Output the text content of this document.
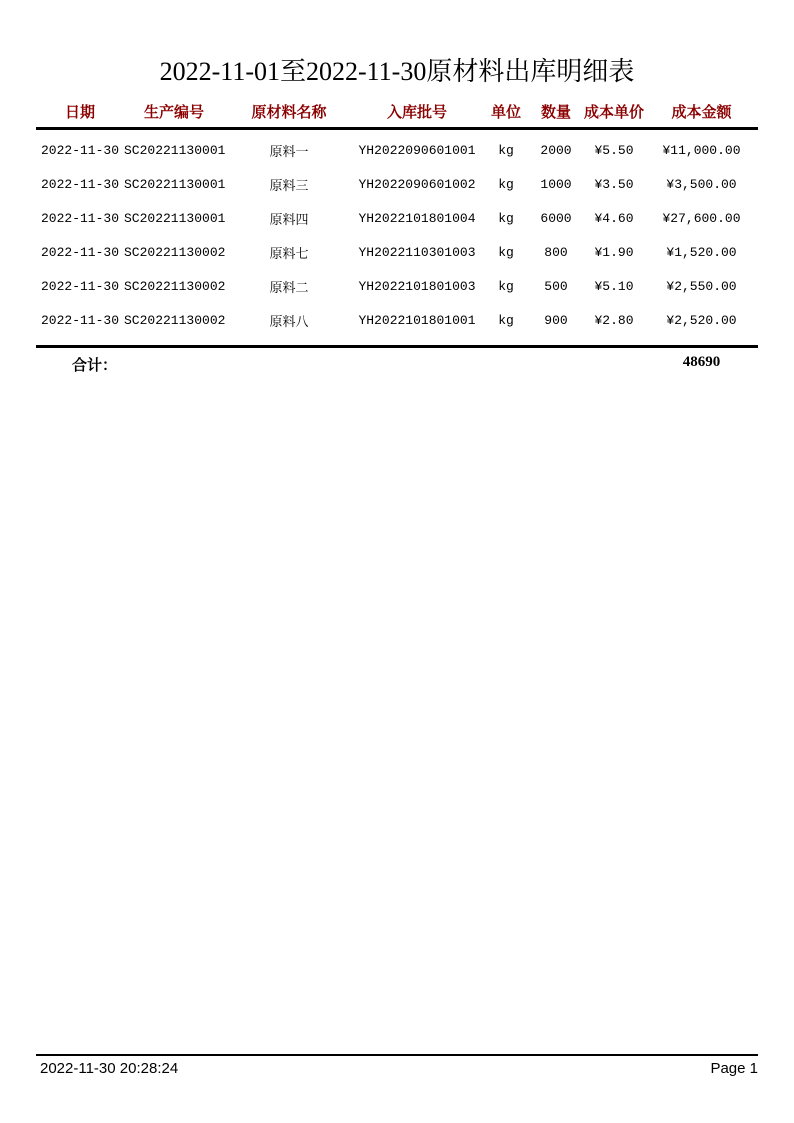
2022-11-01至2022-11-30原材料出库明细表
日期	生产编号	原材料名称	入库批号	单位	数量 成本单价	成本金额
2022-11-30 SC20221130001	原料一	YH2022090601001	kg	2000	¥5.50	¥11,000.00
2022-11-30 SC20221130001	原料三	YH2022090601002	kg	1000	¥3.50	¥3,500.00
2022-11-30 SC20221130001	原料四	YH2022101801004	kg	6000	¥4.60	¥27,600.00
2022-11-30 SC20221130002	原料七	YH2022110301003	kg	800	¥1.90	¥1,520.00
2022-11-30 SC20221130002	原料二	YH2022101801003	kg	500	¥5.10	¥2,550.00
2022-11-30 SC20221130002	原料八	YH2022101801001	kg	900	¥2.80	¥2,520.00
合计：	48690
2022-11-30 20:28:24	Page 1
